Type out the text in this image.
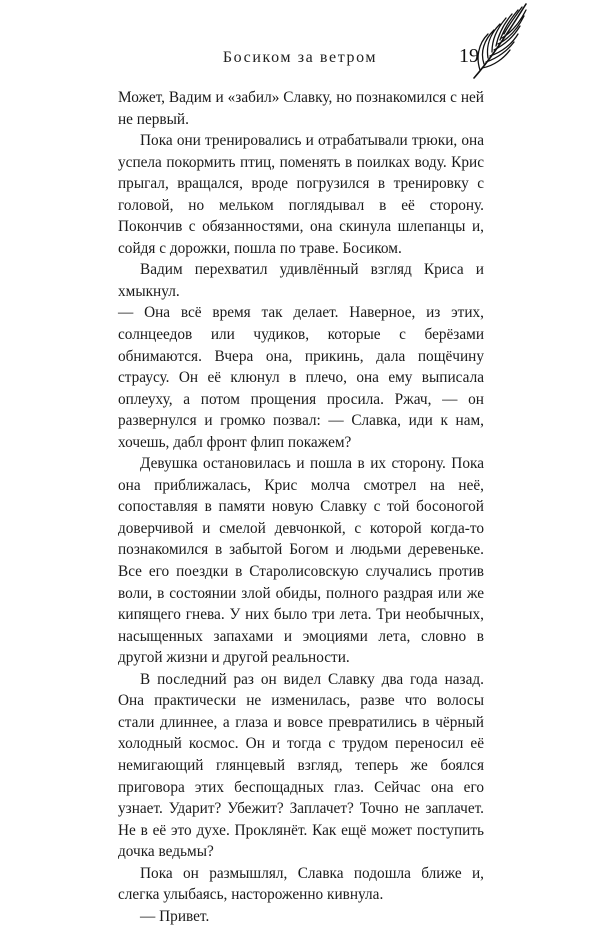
Босиком за ветром	19

Может, Вадим и «забил» Славку, но познакомился с ней не первый.

Пока они тренировались и отрабатывали трюки, она успела покормить птиц, поменять в поилках воду. Крис прыгал, вращался, вроде погрузился в тренировку с головой, но мельком поглядывал в её сторону. Покончив с обязанностями, она скинула шлепанцы и, сойдя с дорожки, пошла по траве. Босиком.

Вадим перехватил удивлённый взгляд Криса и хмыкнул.

— Она всё время так делает. Наверное, из этих, солнцеедов или чудиков, которые с берёзами обнимаются. Вчера она, прикинь, дала пощёчину страусу. Он её клюнул в плечо, она ему выписала оплеуху, а потом прощения просила. Ржач, — он развернулся и громко позвал: — Славка, иди к нам, хочешь, дабл фронт флип покажем?

Девушка остановилась и пошла в их сторону. Пока она приближалась, Крис молча смотрел на неё, сопоставляя в памяти новую Славку с той босоногой доверчивой и смелой девчонкой, с которой когда-то познакомился в забытой Богом и людьми деревеньке. Все его поездки в Старолисовскую случались против воли, в состоянии злой обиды, полного раздрая или же кипящего гнева. У них было три лета. Три необычных, насыщенных запахами и эмоциями лета, словно в другой жизни и другой реальности.

В последний раз он видел Славку два года назад. Она практически не изменилась, разве что волосы стали длиннее, а глаза и вовсе превратились в чёрный холодный космос. Он и тогда с трудом переносил её немигающий глянцевый взгляд, теперь же боялся приговора этих беспощадных глаз. Сейчас она его узнает. Ударит? Убежит? Заплачет? Точно не заплачет. Не в её это духе. Проклянёт. Как ещё может поступить дочка ведьмы?

Пока он размышлял, Славка подошла ближе и, слегка улыбаясь, настороженно кивнула.

— Привет.
